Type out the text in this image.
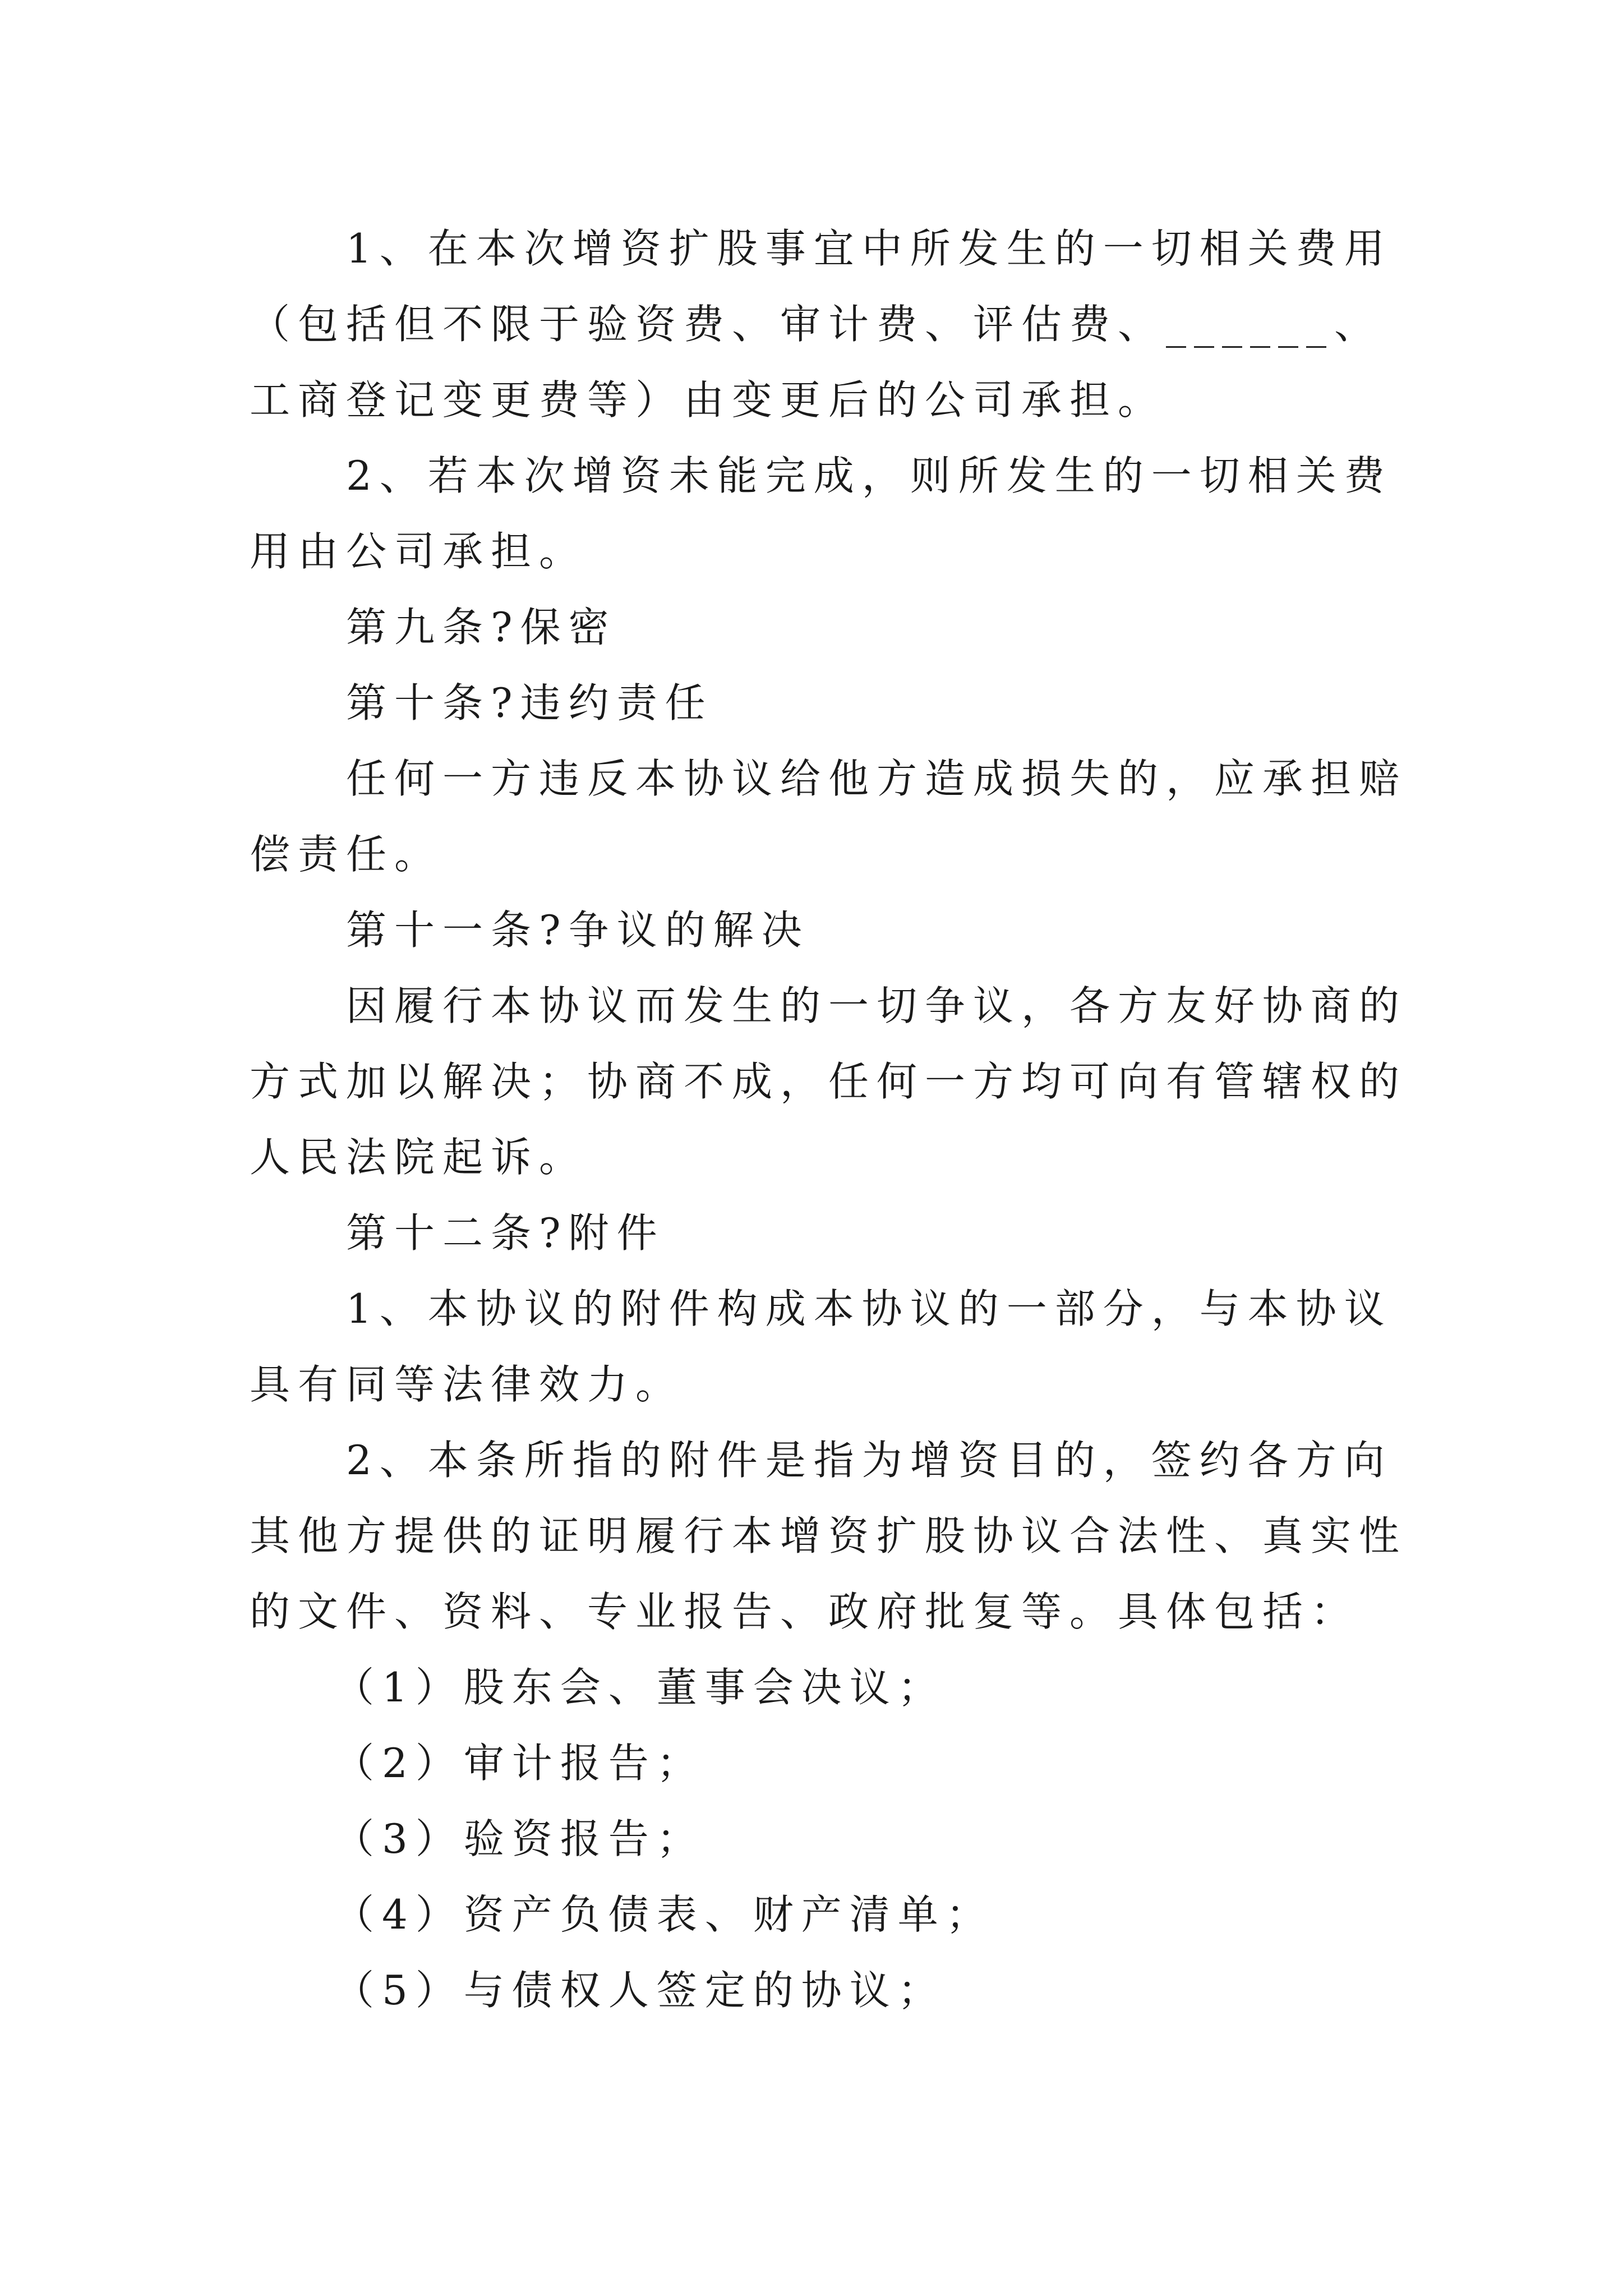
1、在本次增资扩股事宜中所发生的一切相关费用（包括但不限于验资费、审计费、评估费、______、工商登记变更费等）由变更后的公司承担。

2、若本次增资未能完成，则所发生的一切相关费用由公司承担。

第九条?保密

第十条?违约责任

任何一方违反本协议给他方造成损失的，应承担赔偿责任。

第十一条?争议的解决

因履行本协议而发生的一切争议，各方友好协商的方式加以解决；协商不成，任何一方均可向有管辖权的人民法院起诉。

第十二条?附件

1、本协议的附件构成本协议的一部分，与本协议具有同等法律效力。

2、本条所指的附件是指为增资目的，签约各方向其他方提供的证明履行本增资扩股协议合法性、真实性的文件、资料、专业报告、政府批复等。具体包括：

（1）股东会、董事会决议；

（2）审计报告；

（3）验资报告；

（4）资产负债表、财产清单；

（5）与债权人签定的协议；
